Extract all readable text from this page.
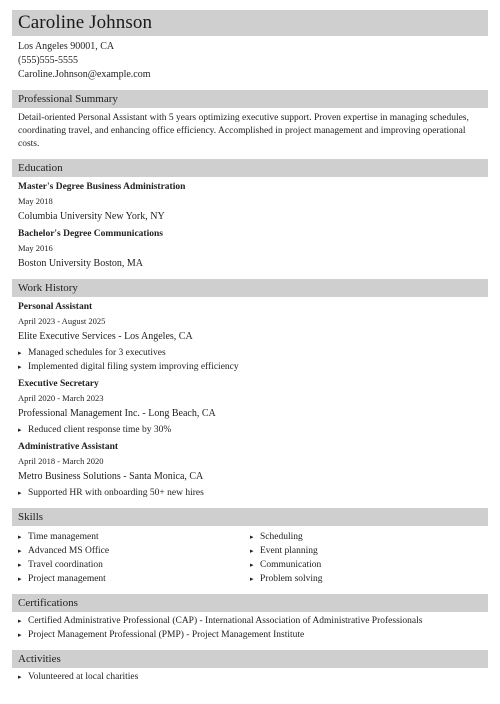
Caroline Johnson
Los Angeles 90001, CA
(555)555-5555
Caroline.Johnson@example.com
Professional Summary
Detail-oriented Personal Assistant with 5 years optimizing executive support. Proven expertise in managing schedules, coordinating travel, and enhancing office efficiency. Accomplished in project management and improving operational costs.
Education
Master's Degree Business Administration
May 2018
Columbia University New York, NY
Bachelor's Degree Communications
May 2016
Boston University Boston, MA
Work History
Personal Assistant
April 2023 - August 2025
Elite Executive Services - Los Angeles, CA
▸ Managed schedules for 3 executives
▸ Implemented digital filing system improving efficiency
Executive Secretary
April 2020 - March 2023
Professional Management Inc. - Long Beach, CA
▸ Reduced client response time by 30%
Administrative Assistant
April 2018 - March 2020
Metro Business Solutions - Santa Monica, CA
▸ Supported HR with onboarding 50+ new hires
Skills
▸ Time management
▸ Advanced MS Office
▸ Travel coordination
▸ Project management
▸ Scheduling
▸ Event planning
▸ Communication
▸ Problem solving
Certifications
▸ Certified Administrative Professional (CAP) - International Association of Administrative Professionals
▸ Project Management Professional (PMP) - Project Management Institute
Activities
▸ Volunteered at local charities
